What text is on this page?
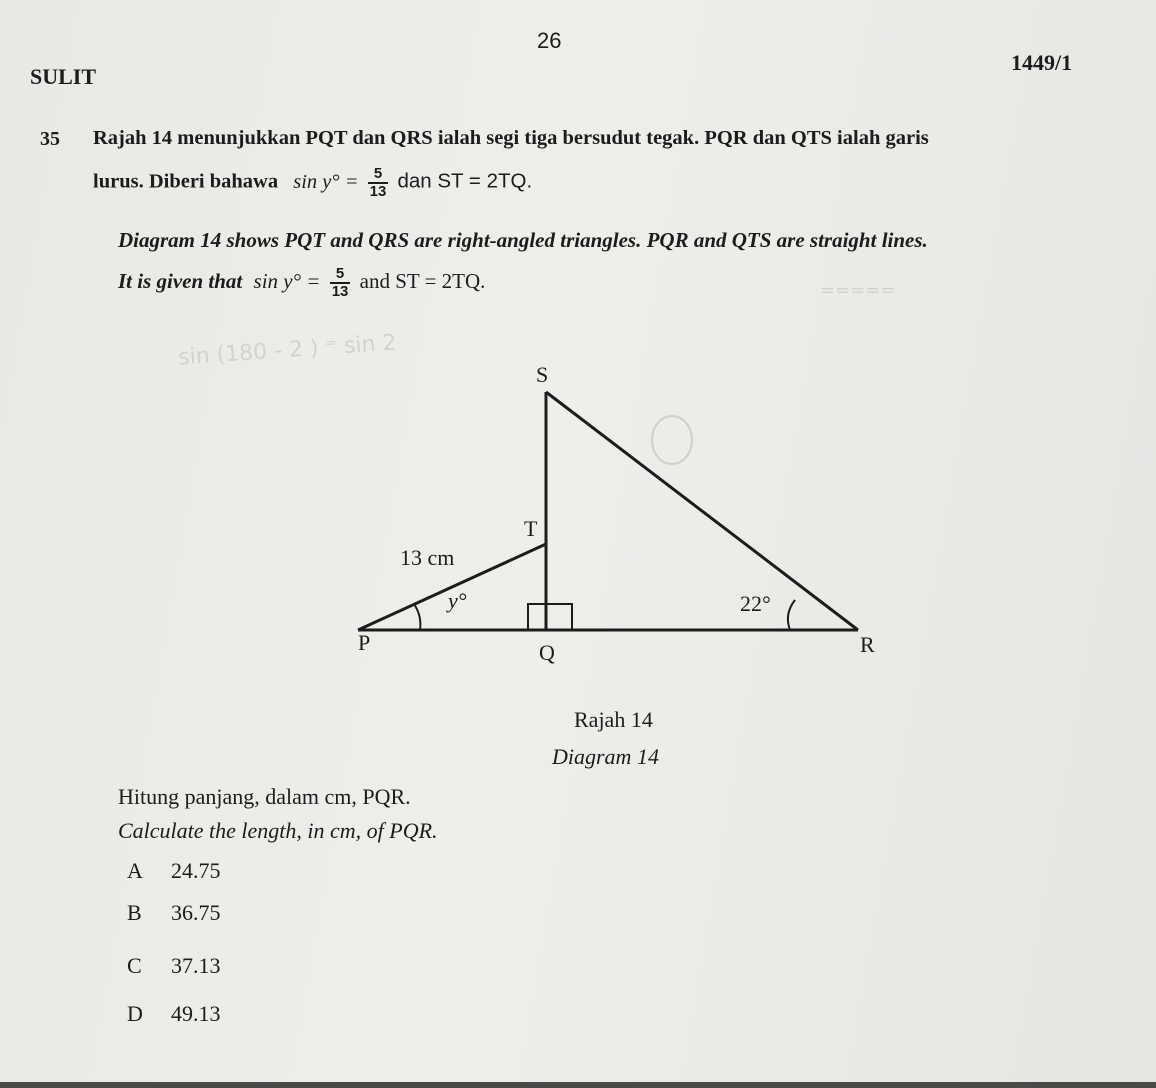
26
SULIT
1449/1
35 Rajah 14 menunjukkan PQT dan QRS ialah segi tiga bersudut tegak. PQR dan QTS ialah garis
lurus. Diberi bahawa $\sin y^\circ = \frac{5}{13}$ dan ST = 2TQ.
Diagram 14 shows PQT and QRS are right-angled triangles. PQR and QTS are straight lines.
It is given that $\sin y^\circ = \frac{5}{13}$ and ST = 2TQ.
sin (180 - 2 ) ⁼ sin 2
=====
S
T
13 cm
y°	22°
P	Q	R
Rajah 14
Diagram 14
Hitung panjang, dalam cm, PQR.
Calculate the length, in cm, of PQR.
A 24.75
B 36.75
C 37.13
D 49.13
